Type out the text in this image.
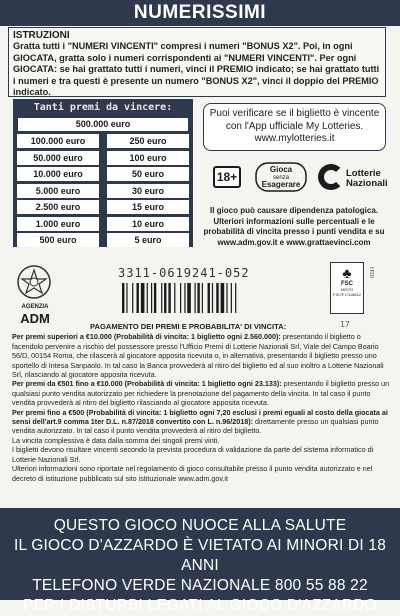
NUMERISSIMI
ISTRUZIONI
Gratta tutti i "NUMERI VINCENTI" compresi i numeri "BONUS X2". Poi, in ogni GIOCATA, gratta solo i numeri corrispondenti ai "NUMERI VINCENTI". Per ogni GIOCATA: se hai grattato tutti i numeri, vinci il PREMIO indicato; se hai grattato tutti i numeri e tra questi è presente un numero "BONUS X2", vinci il doppio del PREMIO indicato.
Tanti premi da vincere:
500.000 euro
100.000 euro	250 euro
50.000 euro	100 euro
10.000 euro	50 euro
5.000 euro	30 euro
2.500 euro	15 euro
1.000 euro	10 euro
500 euro	5 euro
Puoi verificare se il biglietto è vincente con l'App ufficiale My Lotteries.
www.mylotteries.it
18+
Gioca
senza
Esagerare
Lotterie
Nazionali
Il gioco può causare dipendenza patologica. Ulteriori informazioni sulle percentuali e le probabilità di vincita presso i punti vendita e su www.adm.gov.it e www.grattaevinci.com
AGENZIA
ADM
3311-0619241-052	♣
FSC
MISTO
FSC® C118612
I03T
17
PAGAMENTO DEI PREMI E PROBABILITA' DI VINCITA:

Per premi superiori a €10.000 (Probabilità di vincita: 1 biglietto ogni 2.560.000): presentando il biglietto o facendolo pervenire a rischio del possessore presso l'Ufficio Premi di Lotterie Nazionali Srl, Viale del Campo Boario 56/D, 00154 Roma, che rilascerà al giocatore apposita ricevuta o, in alternativa, presentando il biglietto presso uno sportello di Intesa Sanpaolo. In tal caso la Banca provvederà al ritiro del biglietto ed al suo inoltro a Lotterie Nazionali Srl, rilasciando al giocatore apposita ricevuta.

Per premi da €501 fino a €10.000 (Probabilità di vincita: 1 biglietto ogni 23.133): presentando il biglietto presso un qualsiasi punto vendita autorizzato per richiedere la prenotazione del pagamento della vincita. In tal caso il punto vendita provvederà al ritiro del biglietto rilasciando al giocatore apposita ricevuta.

Per premi fino a €500 (Probabilità di vincita: 1 biglietto ogni 7,20 esclusi i premi eguali al costo della giocata ai sensi dell'art.9 comma 1ter D.L. n.87/2018 convertito con L. n.96/2018): direttamente presso un qualsiasi punto vendita autorizzato. In tal caso il punto vendita provvederà al ritiro del biglietto.

La vincita complessiva è data dalla somma dei singoli premi vinti.

I biglietti devono risultare vincenti secondo la prevista procedura di validazione da parte del sistema informatico di Lotterie Nazionali Srl.

Ulteriori informazioni sono riportate nel regolamento di gioco consultabile presso il punto vendita autorizzato e nel decreto di istituzione pubblicato sul sito istituzionale www.adm.gov.it

QUESTO GIOCO NUOCE ALLA SALUTE
IL GIOCO D'AZZARDO È VIETATO AI MINORI DI 18 ANNI
TELEFONO VERDE NAZIONALE 800 55 88 22
PER I DISTURBI LEGATI AL GIOCO D'AZZARDO
